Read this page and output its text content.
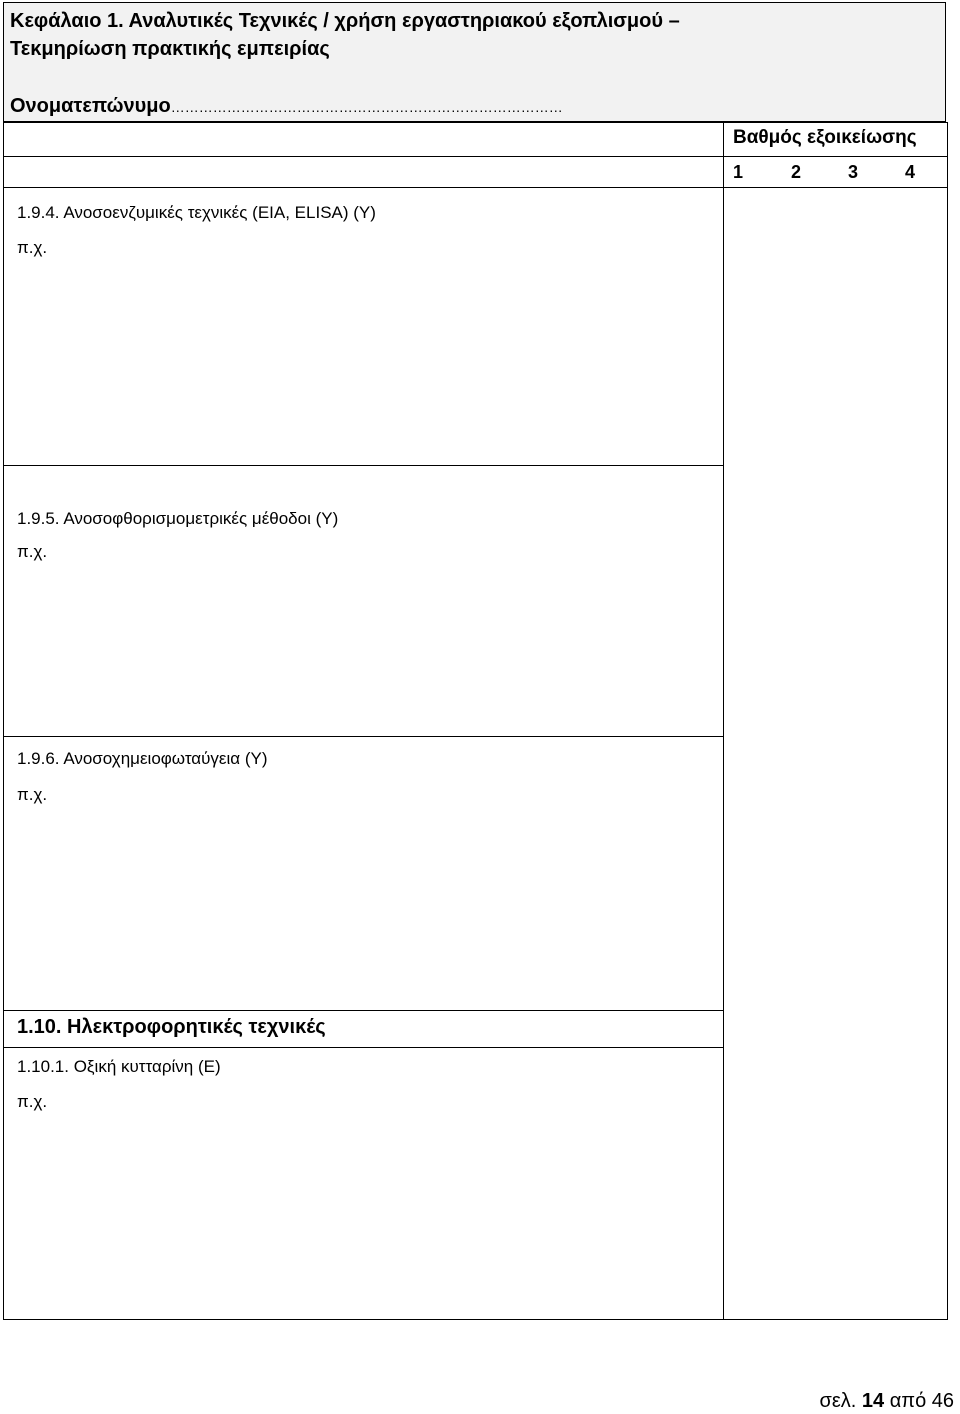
Κεφάλαιο 1. Αναλυτικές Τεχνικές / χρήση εργαστηριακού εξοπλισμού –
Τεκμηρίωση πρακτικής εμπειρίας
Ονοματεπώνυμο…………………………………………………………………………
Βαθμός εξοικείωσης
1	2	3	4
1.9.4. Ανοσοενζυμικές τεχνικές (ΕΙΑ, ELISA) (Υ)
π.χ.
1.9.5. Ανοσοφθορισμομετρικές μέθοδοι (Υ)
π.χ.
1.9.6. Ανοσοχημειοφωταύγεια (Υ)
π.χ.
1.10. Ηλεκτροφορητικές τεχνικές
1.10.1. Οξική κυτταρίνη (Ε)
π.χ.
σελ. 14 από 46
